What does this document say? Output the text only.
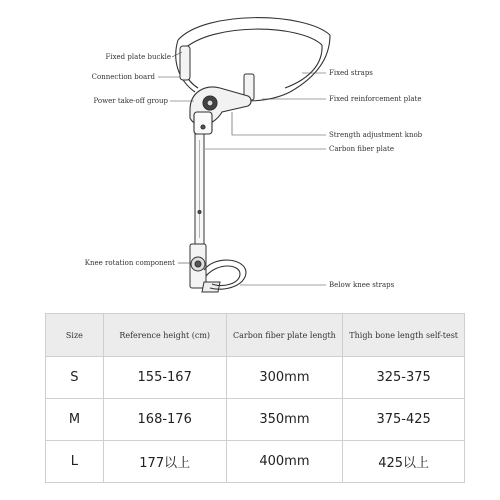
Fixed plate buckle
Connection board
Power take-off group
Knee rotation component
Fixed straps
Fixed reinforcement plate
Strength adjustment knob
Carbon fiber plate
Below knee straps
Size	Reference height (cm)	Carbon fiber plate length	Thigh bone length self-test
S	155-167	300mm	325-375
M	168-176	350mm	375-425
L	177以上	400mm	425以上
